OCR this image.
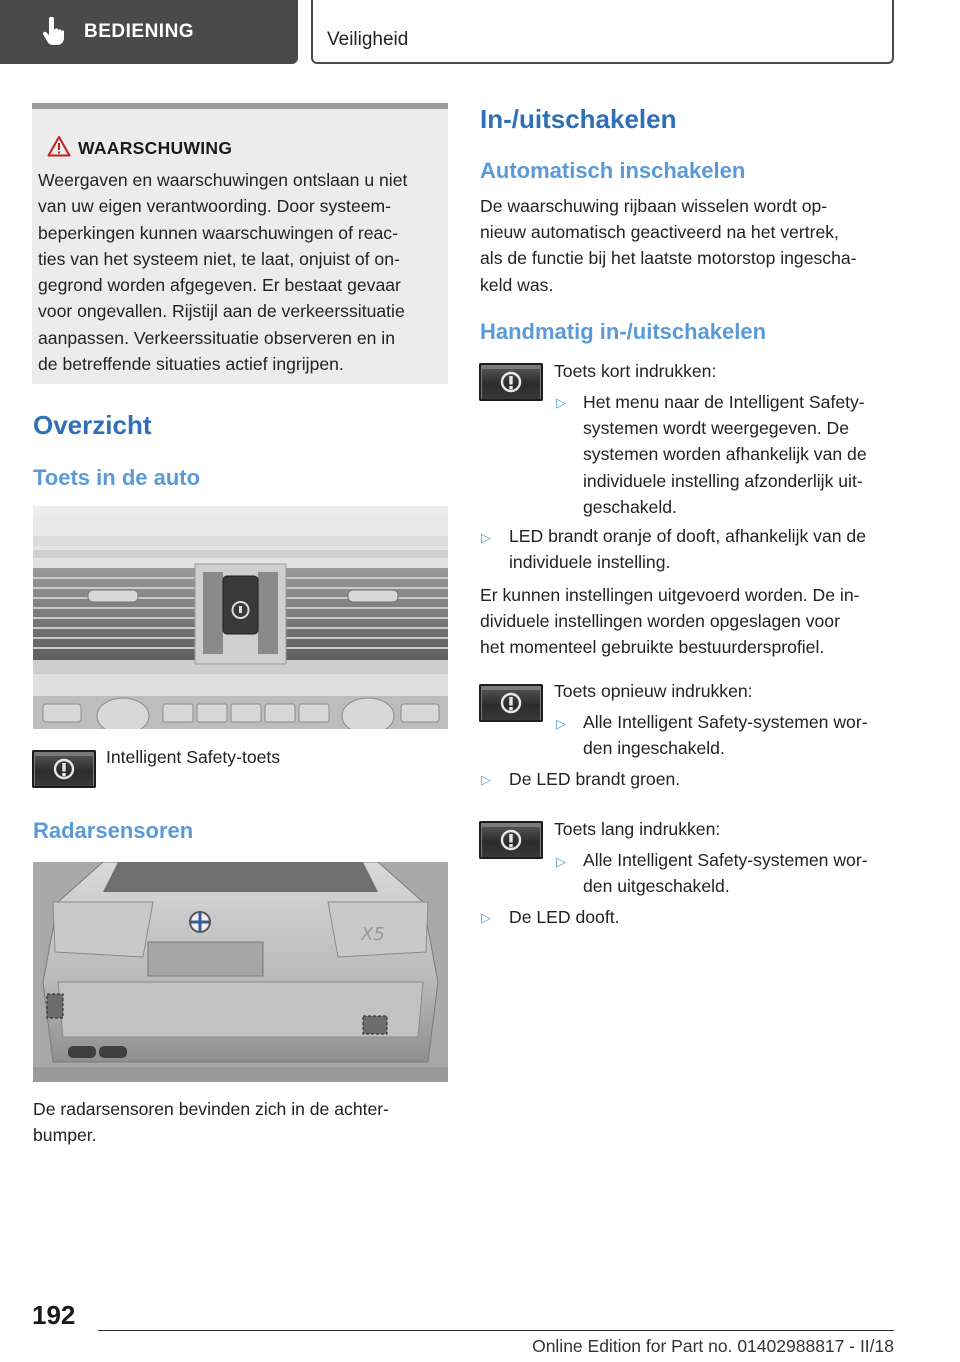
BEDIENING	Veiligheid
WAARSCHUWING
Weergaven en waarschuwingen ontslaan u niet
van uw eigen verantwoording. Door systeem-
beperkingen kunnen waarschuwingen of reac-
ties van het systeem niet, te laat, onjuist of on-
gegrond worden afgegeven. Er bestaat gevaar
voor ongevallen. Rijstijl aan de verkeerssituatie
aanpassen. Verkeerssituatie observeren en in
de betreffende situaties actief ingrijpen.
Overzicht
Toets in de auto
Intelligent Safety-toets
Radarsensoren
X5
De radarsensoren bevinden zich in de achter-
bumper.
In-/uitschakelen
Automatisch inschakelen
De waarschuwing rijbaan wisselen wordt op-
nieuw automatisch geactiveerd na het vertrek,
als de functie bij het laatste motorstop ingescha-
keld was.
Handmatig in-/uitschakelen
Toets kort indrukken:
▷ Het menu naar de Intelligent Safety-
systemen wordt weergegeven. De
systemen worden afhankelijk van de
individuele instelling afzonderlijk uit-
geschakeld.
▷ LED brandt oranje of dooft, afhankelijk van de
individuele instelling.
Er kunnen instellingen uitgevoerd worden. De in-
dividuele instellingen worden opgeslagen voor
het momenteel gebruikte bestuurdersprofiel.
Toets opnieuw indrukken:
▷ Alle Intelligent Safety-systemen wor-
den ingeschakeld.
▷ De LED brandt groen.
Toets lang indrukken:
▷ Alle Intelligent Safety-systemen wor-
den uitgeschakeld.
▷ De LED dooft.
192
Online Edition for Part no. 01402988817 - II/18
